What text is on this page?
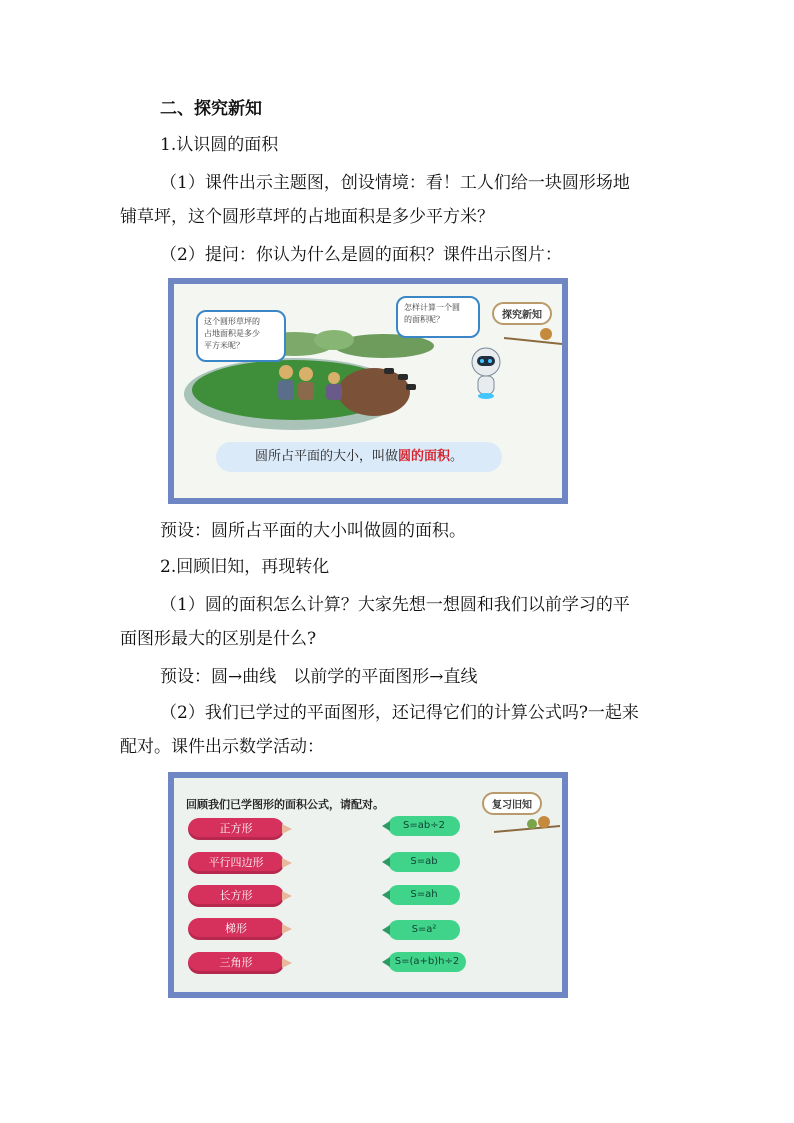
二、探究新知
1.认识圆的面积
（1）课件出示主题图，创设情境：看！工人们给一块圆形场地
铺草坪，这个圆形草坪的占地面积是多少平方米？
（2）提问：你认为什么是圆的面积？课件出示图片：
这个圆形草坪的
占地面积是多少
平方米呢？
怎样计算一个圆
的面积呢？	探究新知
圆所占平面的大小，叫做圆的面积。
预设：圆所占平面的大小叫做圆的面积。
2.回顾旧知，再现转化
（1）圆的面积怎么计算？大家先想一想圆和我们以前学习的平
面图形最大的区别是什么?
预设：圆→曲线　以前学的平面图形→直线
（2）我们已学过的平面图形，还记得它们的计算公式吗?一起来
配对。课件出示数学活动：
回顾我们已学图形的面积公式，请配对。	复习旧知
正方形
平行四边形
长方形
梯形
三角形
S=ab÷2
S=ab
S=ah
S=a²
S=(a+b)h÷2
